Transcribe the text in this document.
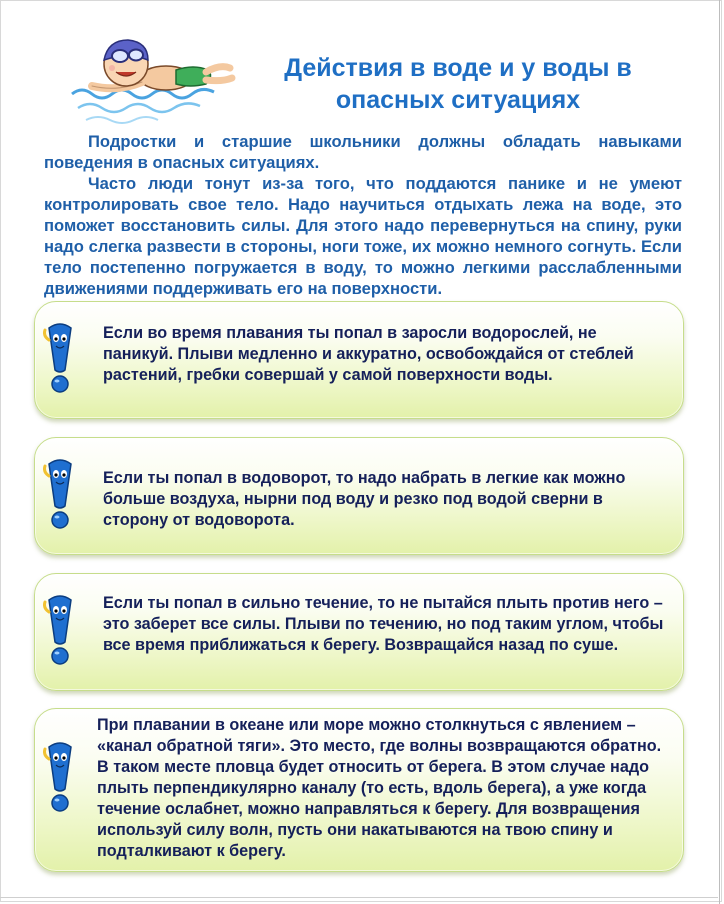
Действия в воде и у воды в опасных ситуациях

Подростки и старшие школьники должны обладать навыками поведения в опасных ситуациях.

Часто люди тонут из-за того, что поддаются панике и не умеют контролировать свое тело. Надо научиться отдыхать лежа на воде, это поможет восстановить силы. Для этого надо перевернуться на спину, руки надо слегка развести в стороны, ноги тоже, их можно немного согнуть. Если тело постепенно погружается в воду, то можно легкими расслабленными движениями поддерживать его на поверхности.

Если во время плавания ты попал в заросли водорослей, не паникуй. Плыви медленно и аккуратно, освобождайся от стеблей растений, гребки совершай у самой поверхности воды.

Если ты попал в водоворот, то надо набрать в легкие как можно больше воздуха, нырни под воду и резко под водой сверни в сторону от водоворота.

Если ты попал в сильно течение, то не пытайся плыть против него – это заберет все силы. Плыви по течению, но под таким углом, чтобы все время приближаться к берегу. Возвращайся назад по суше.

При плавании в океане или море можно столкнуться с явлением – «канал обратной тяги». Это место, где волны возвращаются обратно. В таком месте пловца будет относить от берега. В этом случае надо плыть перпендикулярно каналу (то есть, вдоль берега), а уже когда течение ослабнет, можно направляться к берегу. Для возвращения используй силу волн, пусть они накатываются на твою спину и подталкивают к берегу.
